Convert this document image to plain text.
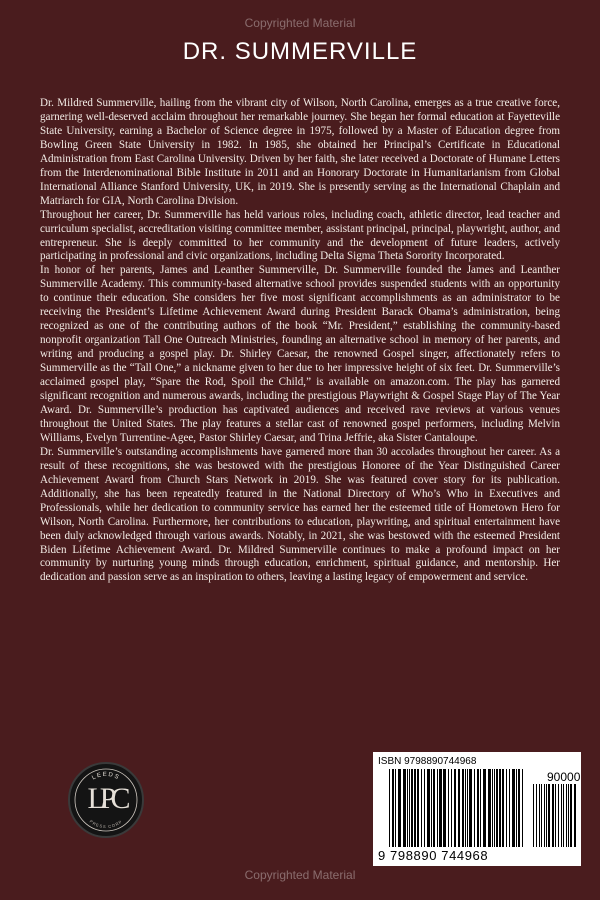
Copyrighted Material
DR. SUMMERVILLE

Dr. Mildred Summerville, hailing from the vibrant city of Wilson, North Carolina, emerges as a true creative force, garnering well-deserved acclaim throughout her remarkable journey. She began her formal education at Fayetteville State University, earning a Bachelor of Science degree in 1975, followed by a Master of Education degree from Bowling Green State University in 1982. In 1985, she obtained her Principal’s Certificate in Educational Administration from East Carolina University. Driven by her faith, she later received a Doctorate of Humane Letters from the Interdenominational Bible Institute in 2011 and an Honorary Doctorate in Humanitarianism from Global International Alliance Stanford University, UK, in 2019. She is presently serving as the International Chaplain and Matriarch for GIA, North Carolina Division.

Throughout her career, Dr. Summerville has held various roles, including coach, athletic director, lead teacher and curriculum specialist, accreditation visiting committee member, assistant principal, principal, playwright, author, and entrepreneur. She is deeply committed to her community and the development of future leaders, actively participating in professional and civic organizations, including Delta Sigma Theta Sorority Incorporated.

In honor of her parents, James and Leanther Summerville, Dr. Summerville founded the James and Leanther Summerville Academy. This community-based alternative school provides suspended students with an opportunity to continue their education. She considers her five most significant accomplishments as an administrator to be receiving the President’s Lifetime Achievement Award during President Barack Obama’s administration, being recognized as one of the contributing authors of the book “Mr. President,” establishing the community-based nonprofit organization Tall One Outreach Ministries, founding an alternative school in memory of her parents, and writing and producing a gospel play. Dr. Shirley Caesar, the renowned Gospel singer, affectionately refers to Summerville as the “Tall One,” a nickname given to her due to her impressive height of six feet. Dr. Summerville’s acclaimed gospel play, “Spare the Rod, Spoil the Child,” is available on amazon.com. The play has garnered significant recognition and numerous awards, including the prestigious Playwright & Gospel Stage Play of The Year Award. Dr. Summerville’s production has captivated audiences and received rave reviews at various venues throughout the United States. The play features a stellar cast of renowned gospel performers, including Melvin Williams, Evelyn Turrentine-Agee, Pastor Shirley Caesar, and Trina Jeffrie, aka Sister Cantaloupe.

Dr. Summerville’s outstanding accomplishments have garnered more than 30 accolades throughout her career. As a result of these recognitions, she was bestowed with the prestigious Honoree of the Year Distinguished Career Achievement Award from Church Stars Network in 2019. She was featured cover story for its publication. Additionally, she has been repeatedly featured in the National Directory of Who’s Who in Executives and Professionals, while her dedication to community service has earned her the esteemed title of Hometown Hero for Wilson, North Carolina. Furthermore, her contributions to education, playwriting, and spiritual entertainment have been duly acknowledged through various awards. Notably, in 2021, she was bestowed with the esteemed President Biden Lifetime Achievement Award. Dr. Mildred Summerville continues to make a profound impact on her community by nurturing young minds through education, enrichment, spiritual guidance, and mentorship. Her dedication and passion serve as an inspiration to others, leaving a lasting legacy of empowerment and service.

LEEDS
PRESS CORP
LPC
ISBN 9798890744968
90000
9 798890 744968
Copyrighted Material
